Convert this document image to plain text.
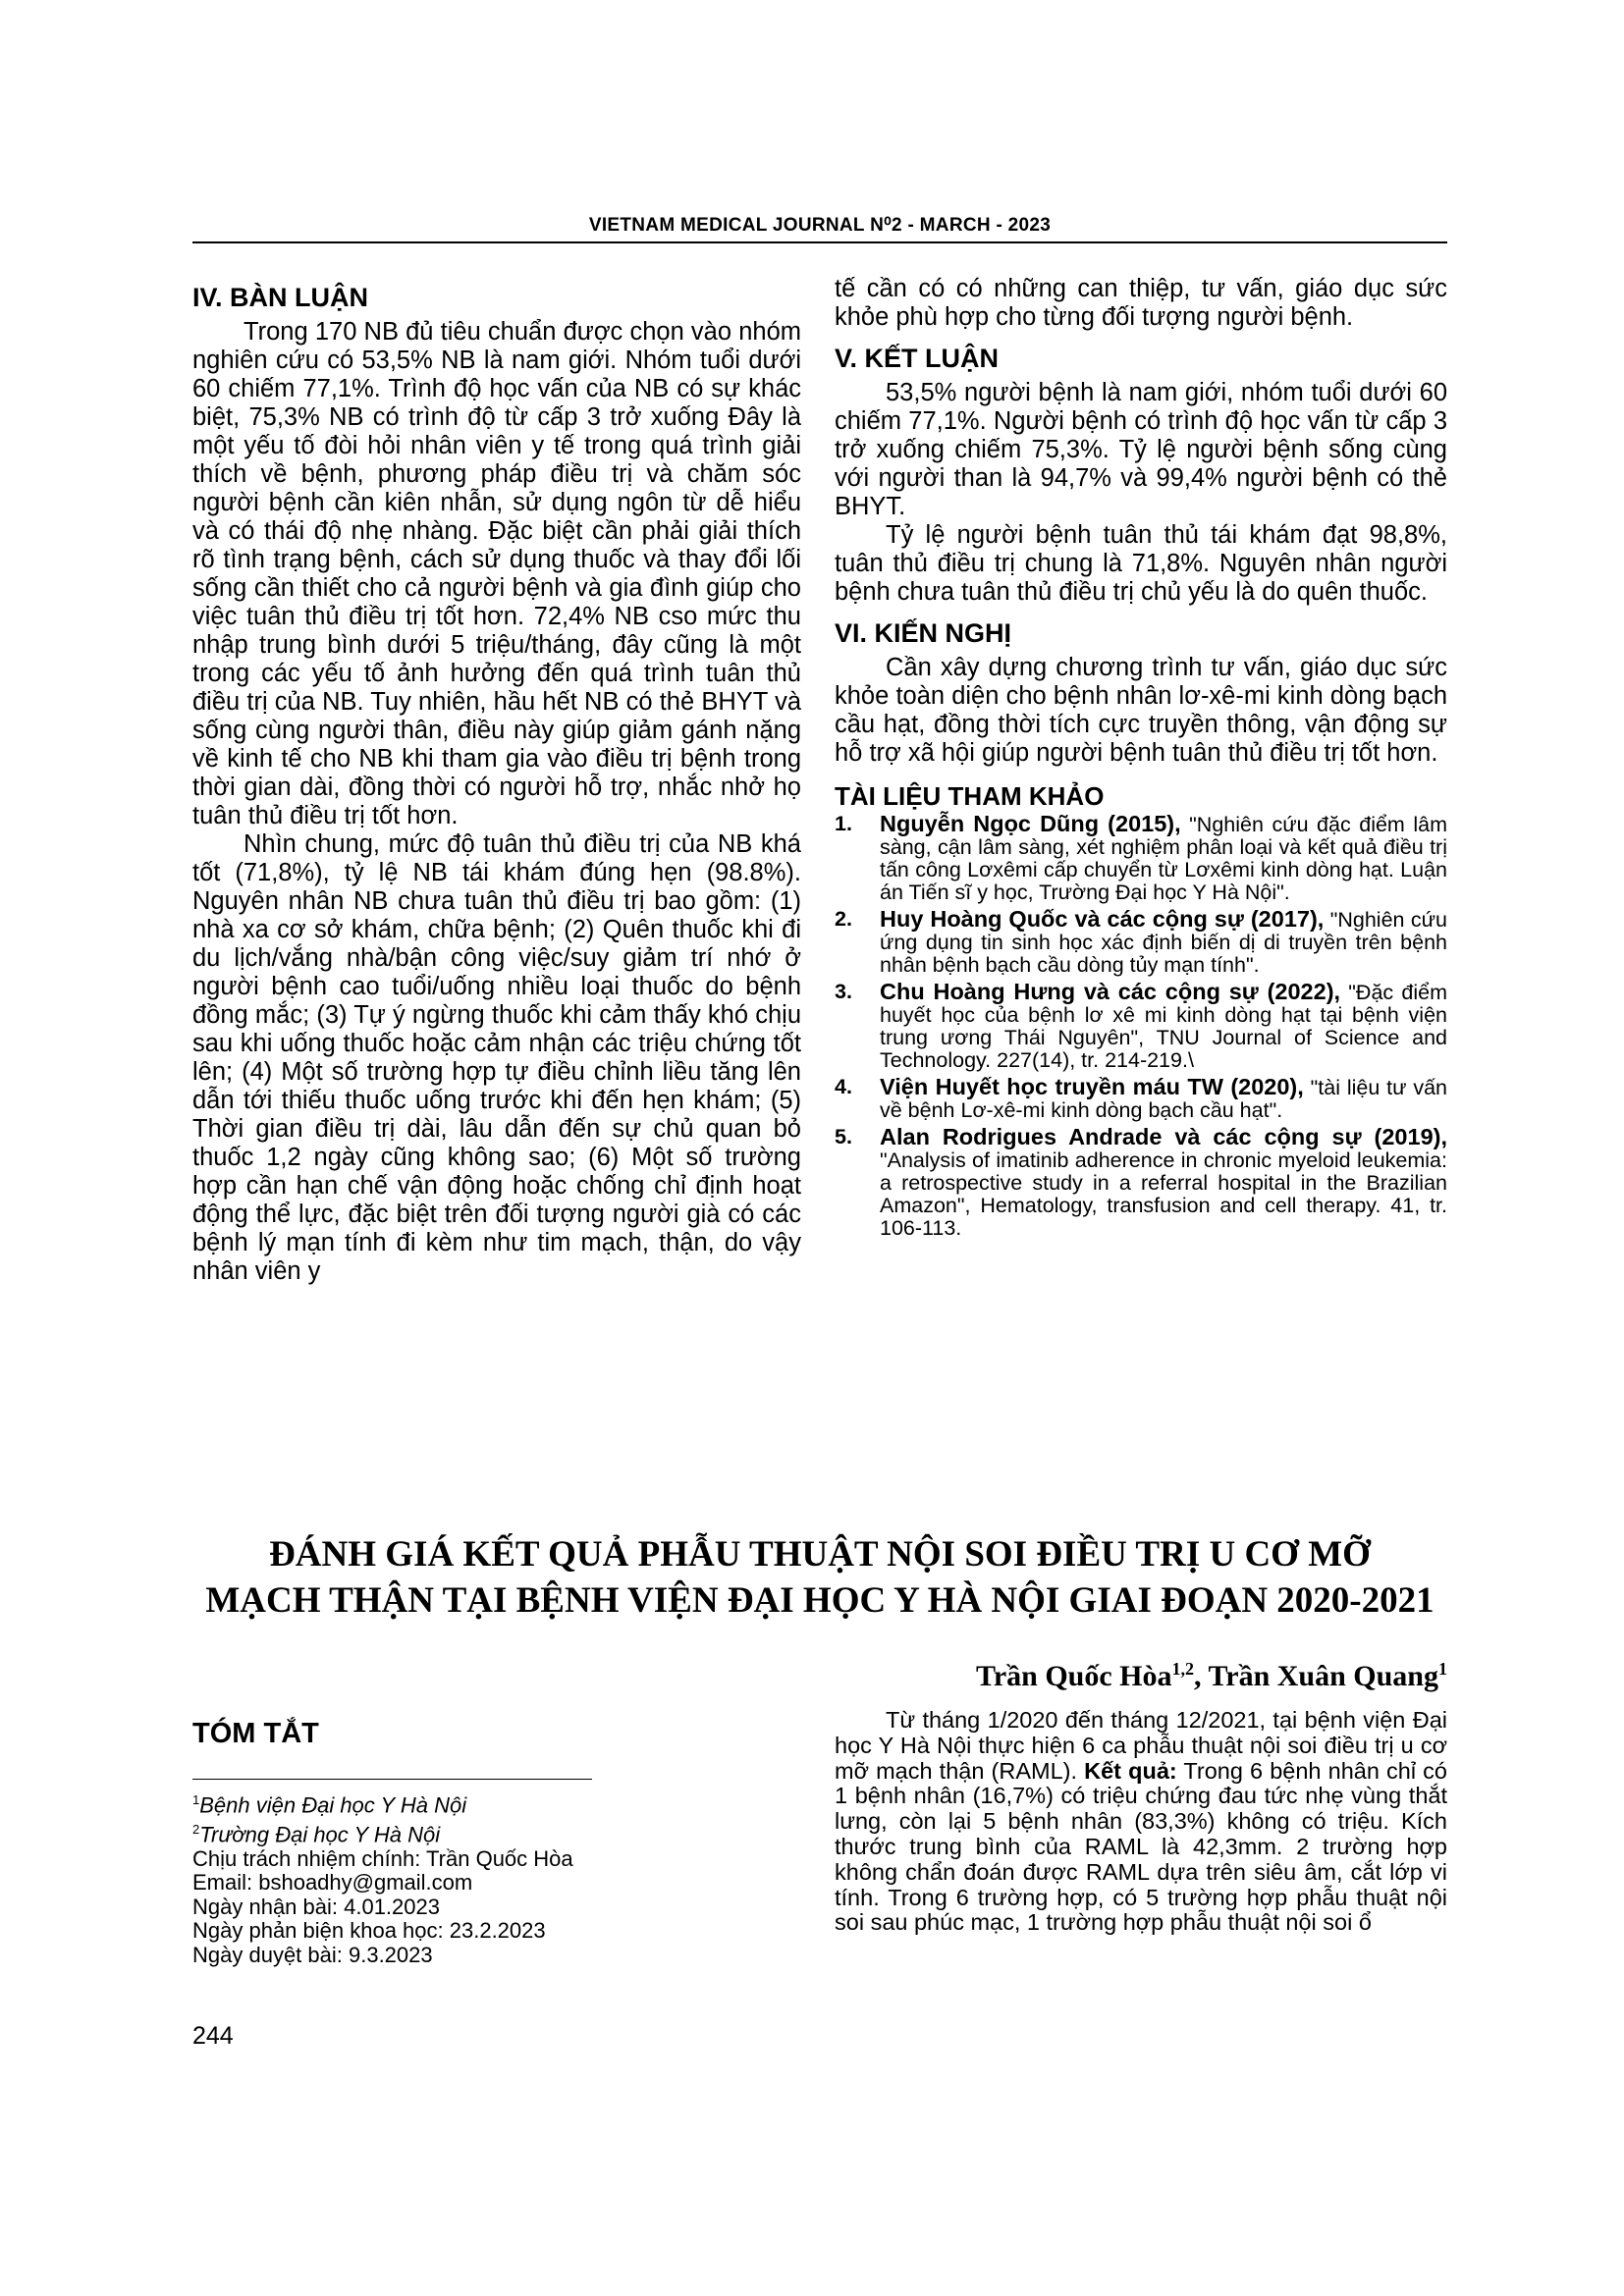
VIETNAM MEDICAL JOURNAL N⁰2 - MARCH - 2023
IV. BÀN LUẬN

Trong 170 NB đủ tiêu chuẩn được chọn vào nhóm nghiên cứu có 53,5% NB là nam giới. Nhóm tuổi dưới 60 chiếm 77,1%. Trình độ học vấn của NB có sự khác biệt, 75,3% NB có trình độ từ cấp 3 trở xuống Đây là một yếu tố đòi hỏi nhân viên y tế trong quá trình giải thích về bệnh, phương pháp điều trị và chăm sóc người bệnh cần kiên nhẫn, sử dụng ngôn từ dễ hiểu và có thái độ nhẹ nhàng. Đặc biệt cần phải giải thích rõ tình trạng bệnh, cách sử dụng thuốc và thay đổi lối sống cần thiết cho cả người bệnh và gia đình giúp cho việc tuân thủ điều trị tốt hơn. 72,4% NB cso mức thu nhập trung bình dưới 5 triệu/tháng, đây cũng là một trong các yếu tố ảnh hưởng đến quá trình tuân thủ điều trị của NB. Tuy nhiên, hầu hết NB có thẻ BHYT và sống cùng người thân, điều này giúp giảm gánh nặng về kinh tế cho NB khi tham gia vào điều trị bệnh trong thời gian dài, đồng thời có người hỗ trợ, nhắc nhở họ tuân thủ điều trị tốt hơn.

Nhìn chung, mức độ tuân thủ điều trị của NB khá tốt (71,8%), tỷ lệ NB tái khám đúng hẹn (98.8%). Nguyên nhân NB chưa tuân thủ điều trị bao gồm: (1) nhà xa cơ sở khám, chữa bệnh; (2) Quên thuốc khi đi du lịch/vắng nhà/bận công việc/suy giảm trí nhớ ở người bệnh cao tuổi/uống nhiều loại thuốc do bệnh đồng mắc; (3) Tự ý ngừng thuốc khi cảm thấy khó chịu sau khi uống thuốc hoặc cảm nhận các triệu chứng tốt lên; (4) Một số trường hợp tự điều chỉnh liều tăng lên dẫn tới thiếu thuốc uống trước khi đến hẹn khám; (5) Thời gian điều trị dài, lâu dẫn đến sự chủ quan bỏ thuốc 1,2 ngày cũng không sao; (6) Một số trường hợp cần hạn chế vận động hoặc chống chỉ định hoạt động thể lực, đặc biệt trên đối tượng người già có các bệnh lý mạn tính đi kèm như tim mạch, thận, do vậy nhân viên y

tế cần có có những can thiệp, tư vấn, giáo dục sức khỏe phù hợp cho từng đối tượng người bệnh.

V. KẾT LUẬN

53,5% người bệnh là nam giới, nhóm tuổi dưới 60 chiếm 77,1%. Người bệnh có trình độ học vấn từ cấp 3 trở xuống chiếm 75,3%. Tỷ lệ người bệnh sống cùng với người than là 94,7% và 99,4% người bệnh có thẻ BHYT.

Tỷ lệ người bệnh tuân thủ tái khám đạt 98,8%, tuân thủ điều trị chung là 71,8%. Nguyên nhân người bệnh chưa tuân thủ điều trị chủ yếu là do quên thuốc.

VI. KIẾN NGHỊ

Cần xây dựng chương trình tư vấn, giáo dục sức khỏe toàn diện cho bệnh nhân lơ-xê-mi kinh dòng bạch cầu hạt, đồng thời tích cực truyền thông, vận động sự hỗ trợ xã hội giúp người bệnh tuân thủ điều trị tốt hơn.

TÀI LIỆU THAM KHẢO
1. Nguyễn Ngọc Dũng (2015), "Nghiên cứu đặc điểm lâm sàng, cận lâm sàng, xét nghiệm phân loại và kết quả điều trị tấn công Lơxêmi cấp chuyển từ Lơxêmi kinh dòng hạt. Luận án Tiến sĩ y học, Trường Đại học Y Hà Nội".
2. Huy Hoàng Quốc và các cộng sự (2017), "Nghiên cứu ứng dụng tin sinh học xác định biến dị di truyền trên bệnh nhân bệnh bạch cầu dòng tủy mạn tính".
3. Chu Hoàng Hưng và các cộng sự (2022), "Đặc điểm huyết học của bệnh lơ xê mi kinh dòng hạt tại bệnh viện trung ương Thái Nguyên", TNU Journal of Science and Technology. 227(14), tr. 214-219.\
4. Viện Huyết học truyền máu TW (2020), "tài liệu tư vấn về bệnh Lơ-xê-mi kinh dòng bạch cầu hạt".
5. Alan Rodrigues Andrade và các cộng sự (2019), "Analysis of imatinib adherence in chronic myeloid leukemia: a retrospective study in a referral hospital in the Brazilian Amazon", Hematology, transfusion and cell therapy. 41, tr. 106-113.
ĐÁNH GIÁ KẾT QUẢ PHẪU THUẬT NỘI SOI ĐIỀU TRỊ U CƠ MỠ
MẠCH THẬN TẠI BỆNH VIỆN ĐẠI HỌC Y HÀ NỘI GIAI ĐOẠN 2020-2021
Trần Quốc Hòa$^{1,2}$, Trần Xuân Quang$^1$
TÓM TẮT
$^1$Bệnh viện Đại học Y Hà Nội
$^2$Trường Đại học Y Hà Nội
Chịu trách nhiệm chính: Trần Quốc Hòa
Email: bshoadhy@gmail.com
Ngày nhận bài: 4.01.2023
Ngày phản biện khoa học: 23.2.2023
Ngày duyệt bài: 9.3.2023

Từ tháng 1/2020 đến tháng 12/2021, tại bệnh viện Đại học Y Hà Nội thực hiện 6 ca phẫu thuật nội soi điều trị u cơ mỡ mạch thận (RAML). Kết quả: Trong 6 bệnh nhân chỉ có 1 bệnh nhân (16,7%) có triệu chứng đau tức nhẹ vùng thắt lưng, còn lại 5 bệnh nhân (83,3%) không có triệu. Kích thước trung bình của RAML là 42,3mm. 2 trường hợp không chẩn đoán được RAML dựa trên siêu âm, cắt lớp vi tính. Trong 6 trường hợp, có 5 trường hợp phẫu thuật nội soi sau phúc mạc, 1 trường hợp phẫu thuật nội soi ổ

244
